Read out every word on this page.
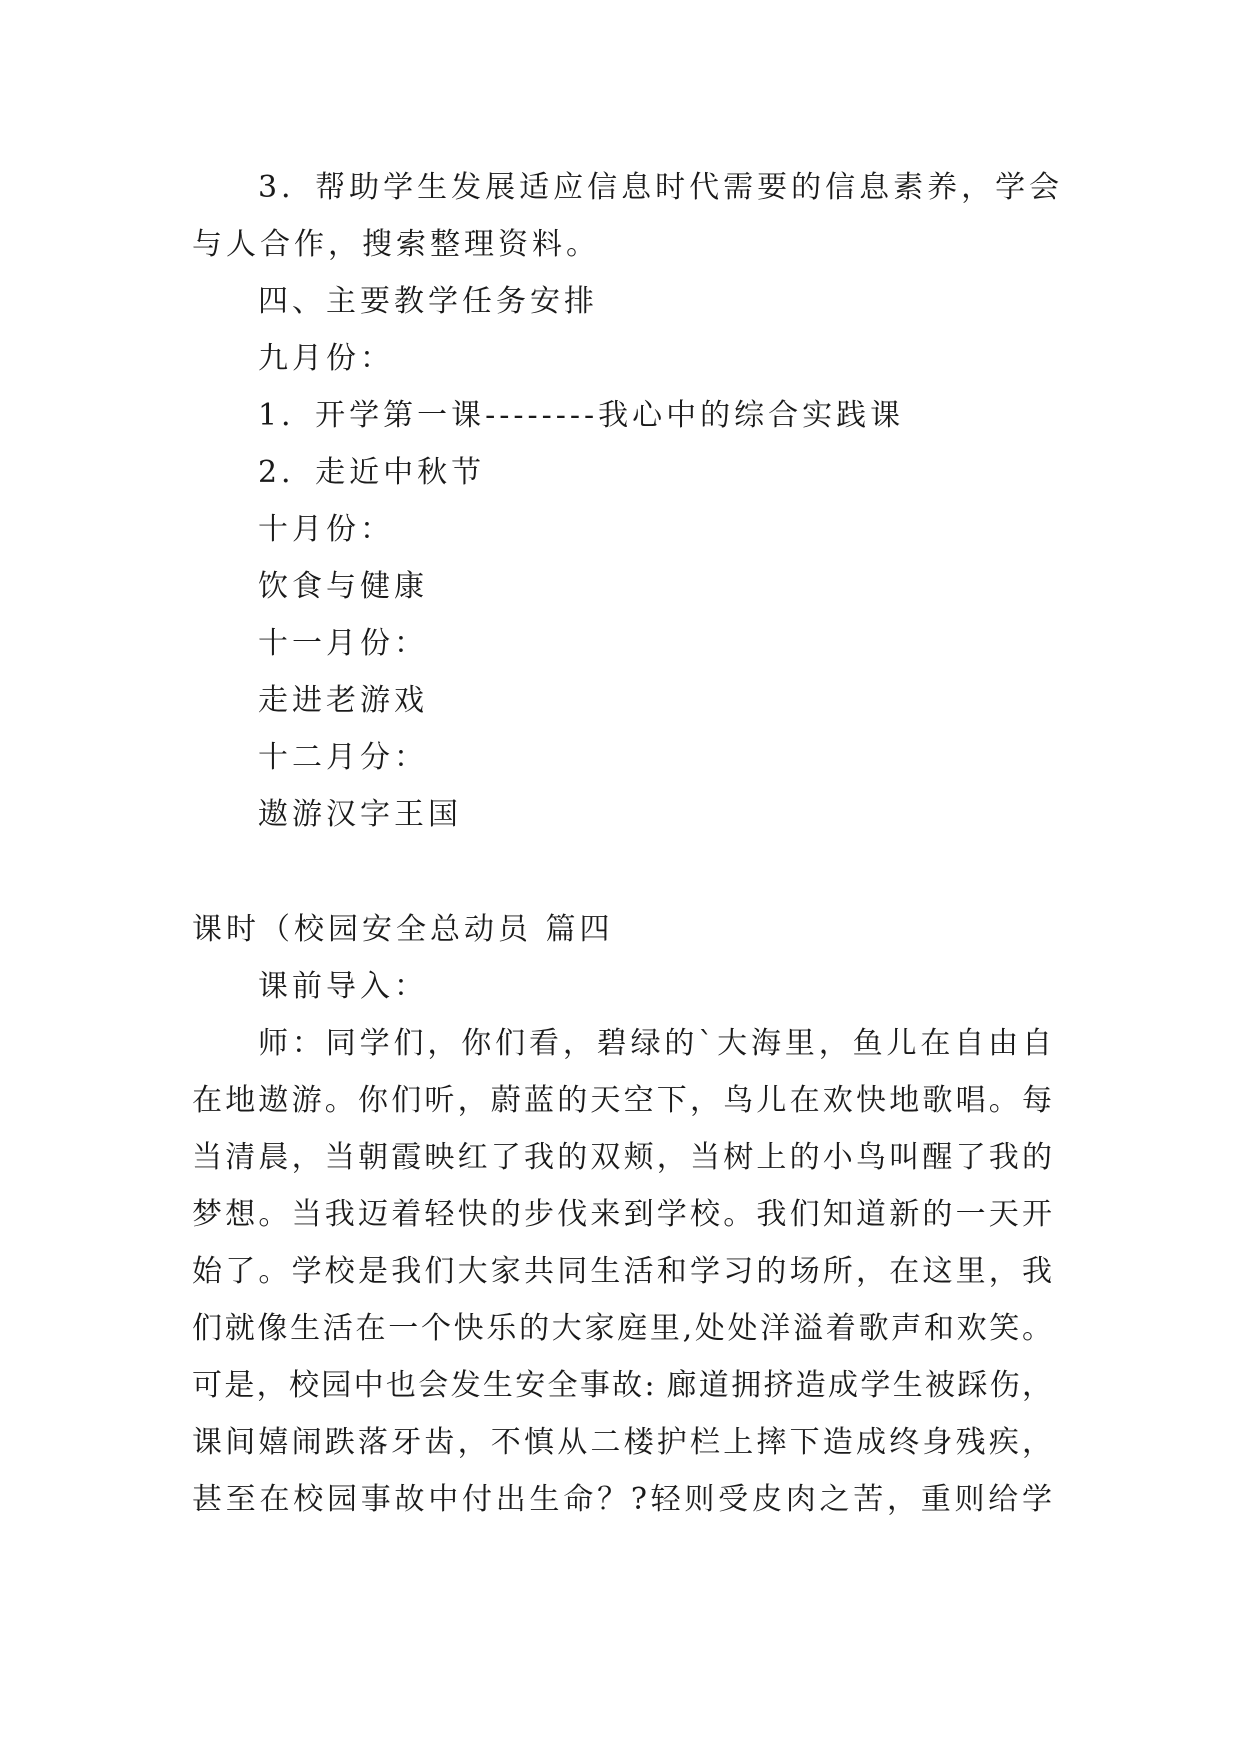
3．帮助学生发展适应信息时代需要的信息素养，学会
与人合作，搜索整理资料。
四、主要教学任务安排
九月份：
1．开学第一课--------我心中的综合实践课
2．走近中秋节
十月份：
饮食与健康
十一月份：
走进老游戏
十二月分：
遨游汉字王国
课时（校园安全总动员 篇四
课前导入：
师：同学们，你们看，碧绿的`大海里，鱼儿在自由自
在地遨游。你们听，蔚蓝的天空下，鸟儿在欢快地歌唱。每
当清晨，当朝霞映红了我的双颊，当树上的小鸟叫醒了我的
梦想。当我迈着轻快的步伐来到学校。我们知道新的一天开
始了。学校是我们大家共同生活和学习的场所，在这里，我
们就像生活在一个快乐的大家庭里,处处洋溢着歌声和欢笑。
可是，校园中也会发生安全事故: 廊道拥挤造成学生被踩伤，
课间嬉闹跌落牙齿，不慎从二楼护栏上摔下造成终身残疾，
甚至在校园事故中付出生命？?轻则受皮肉之苦，重则给学
